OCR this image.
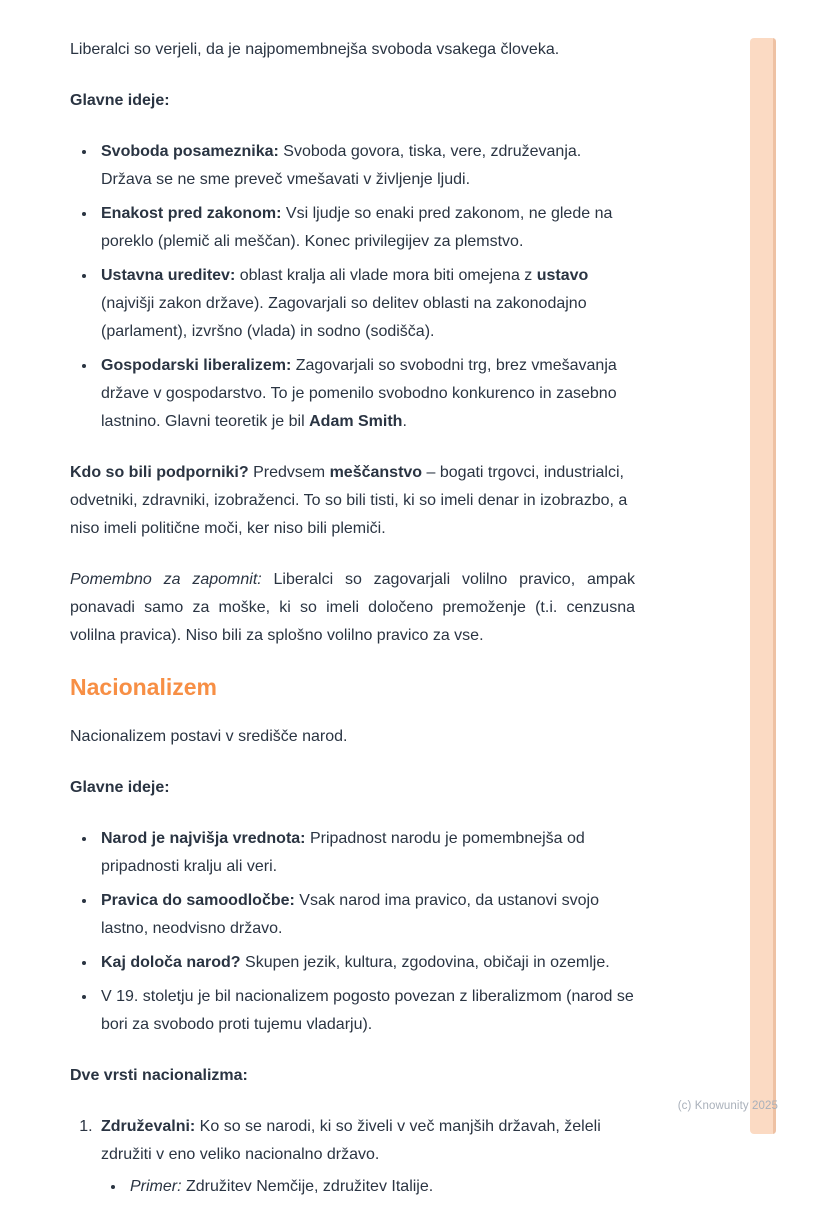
Liberalci so verjeli, da je najpomembnejša svoboda vsakega človeka.

Glavne ideje:

• Svoboda posameznika: Svoboda govora, tiska, vere, združevanja. Država se ne sme preveč vmešavati v življenje ljudi.
• Enakost pred zakonom: Vsi ljudje so enaki pred zakonom, ne glede na poreklo (plemič ali meščan). Konec privilegijev za plemstvo.
• Ustavna ureditev: oblast kralja ali vlade mora biti omejena z ustavo (najvišji zakon države). Zagovarjali so delitev oblasti na zakonodajno (parlament), izvršno (vlada) in sodno (sodišča).
• Gospodarski liberalizem: Zagovarjali so svobodni trg, brez vmešavanja države v gospodarstvo. To je pomenilo svobodno konkurenco in zasebno lastnino. Glavni teoretik je bil Adam Smith.

Kdo so bili podporniki? Predvsem meščanstvo – bogati trgovci, industrialci, odvetniki, zdravniki, izobraženci. To so bili tisti, ki so imeli denar in izobrazbo, a niso imeli politične moči, ker niso bili plemiči.

Pomembno za zapomnit: Liberalci so zagovarjali volilno pravico, ampak ponavadi samo za moške, ki so imeli določeno premoženje (t.i. cenzusna volilna pravica). Niso bili za splošno volilno pravico za vse.

Nacionalizem

Nacionalizem postavi v središče narod.

Glavne ideje:

• Narod je najvišja vrednota: Pripadnost narodu je pomembnejša od pripadnosti kralju ali veri.
• Pravica do samoodločbe: Vsak narod ima pravico, da ustanovi svojo lastno, neodvisno državo.
• Kaj določa narod? Skupen jezik, kultura, zgodovina, običaji in ozemlje.
• V 19. stoletju je bil nacionalizem pogosto povezan z liberalizmom (narod se bori za svobodo proti tujemu vladarju).

Dve vrsti nacionalizma:

1. Združevalni: Ko so se narodi, ki so živeli v več manjših državah, želeli združiti v eno veliko nacionalno državo.
• Primer: Združitev Nemčije, združitev Italije.
(c) Knowunity 2025
